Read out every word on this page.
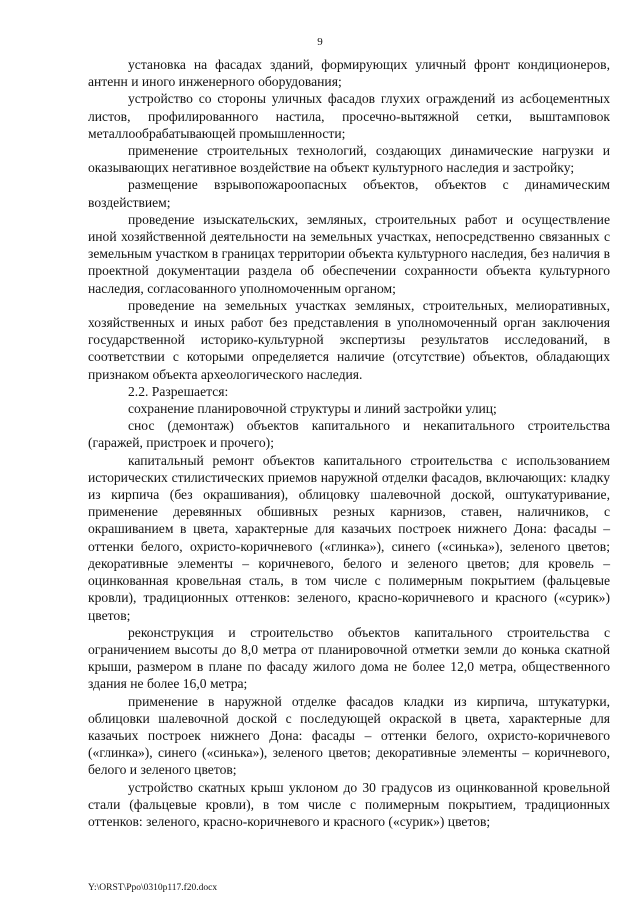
9

установка на фасадах зданий, формирующих уличный фронт кондиционеров, антенн и иного инженерного оборудования;

устройство со стороны уличных фасадов глухих ограждений из асбоцементных листов, профилированного настила, просечно-вытяжной сетки, выштамповок металлообрабатывающей промышленности;

применение строительных технологий, создающих динамические нагрузки и оказывающих негативное воздействие на объект культурного наследия и застройку;

размещение взрывопожароопасных объектов, объектов с динамическим воздействием;

проведение изыскательских, земляных, строительных работ и осуществление иной хозяйственной деятельности на земельных участках, непосредственно связанных с земельным участком в границах территории объекта культурного наследия, без наличия в проектной документации раздела об обеспечении сохранности объекта культурного наследия, согласованного уполномоченным органом;

проведение на земельных участках земляных, строительных, мелиоративных, хозяйственных и иных работ без представления в уполномоченный орган заключения государственной историко-культурной экспертизы результатов исследований, в соответствии с которыми определяется наличие (отсутствие) объектов, обладающих признаком объекта археологического наследия.

2.2. Разрешается:

сохранение планировочной структуры и линий застройки улиц;

снос (демонтаж) объектов капитального и некапитального строительства (гаражей, пристроек и прочего);

капитальный ремонт объектов капитального строительства с использованием исторических стилистических приемов наружной отделки фасадов, включающих: кладку из кирпича (без окрашивания), облицовку шалевочной доской, оштукатуривание, применение деревянных обшивных резных карнизов, ставен, наличников, с окрашиванием в цвета, характерные для казачьих построек нижнего Дона: фасады – оттенки белого, охристо-коричневого («глинка»), синего («синька»), зеленого цветов; декоративные элементы – коричневого, белого и зеленого цветов; для кровель – оцинкованная кровельная сталь, в том числе с полимерным покрытием (фальцевые кровли), традиционных оттенков: зеленого, красно-коричневого и красного («сурик») цветов;

реконструкция и строительство объектов капитального строительства с ограничением высоты до 8,0 метра от планировочной отметки земли до конька скатной крыши, размером в плане по фасаду жилого дома не более 12,0 метра, общественного здания не более 16,0 метра;

применение в наружной отделке фасадов кладки из кирпича, штукатурки, облицовки шалевочной доской с последующей окраской в цвета, характерные для казачьих построек нижнего Дона: фасады – оттенки белого, охристо-коричневого («глинка»), синего («синька»), зеленого цветов; декоративные элементы – коричневого, белого и зеленого цветов;

устройство скатных крыш уклоном до 30 градусов из оцинкованной кровельной стали (фальцевые кровли), в том числе с полимерным покрытием, традиционных оттенков: зеленого, красно-коричневого и красного («сурик») цветов;

Y:\ORST\Ppo\0310p117.f20.docx
